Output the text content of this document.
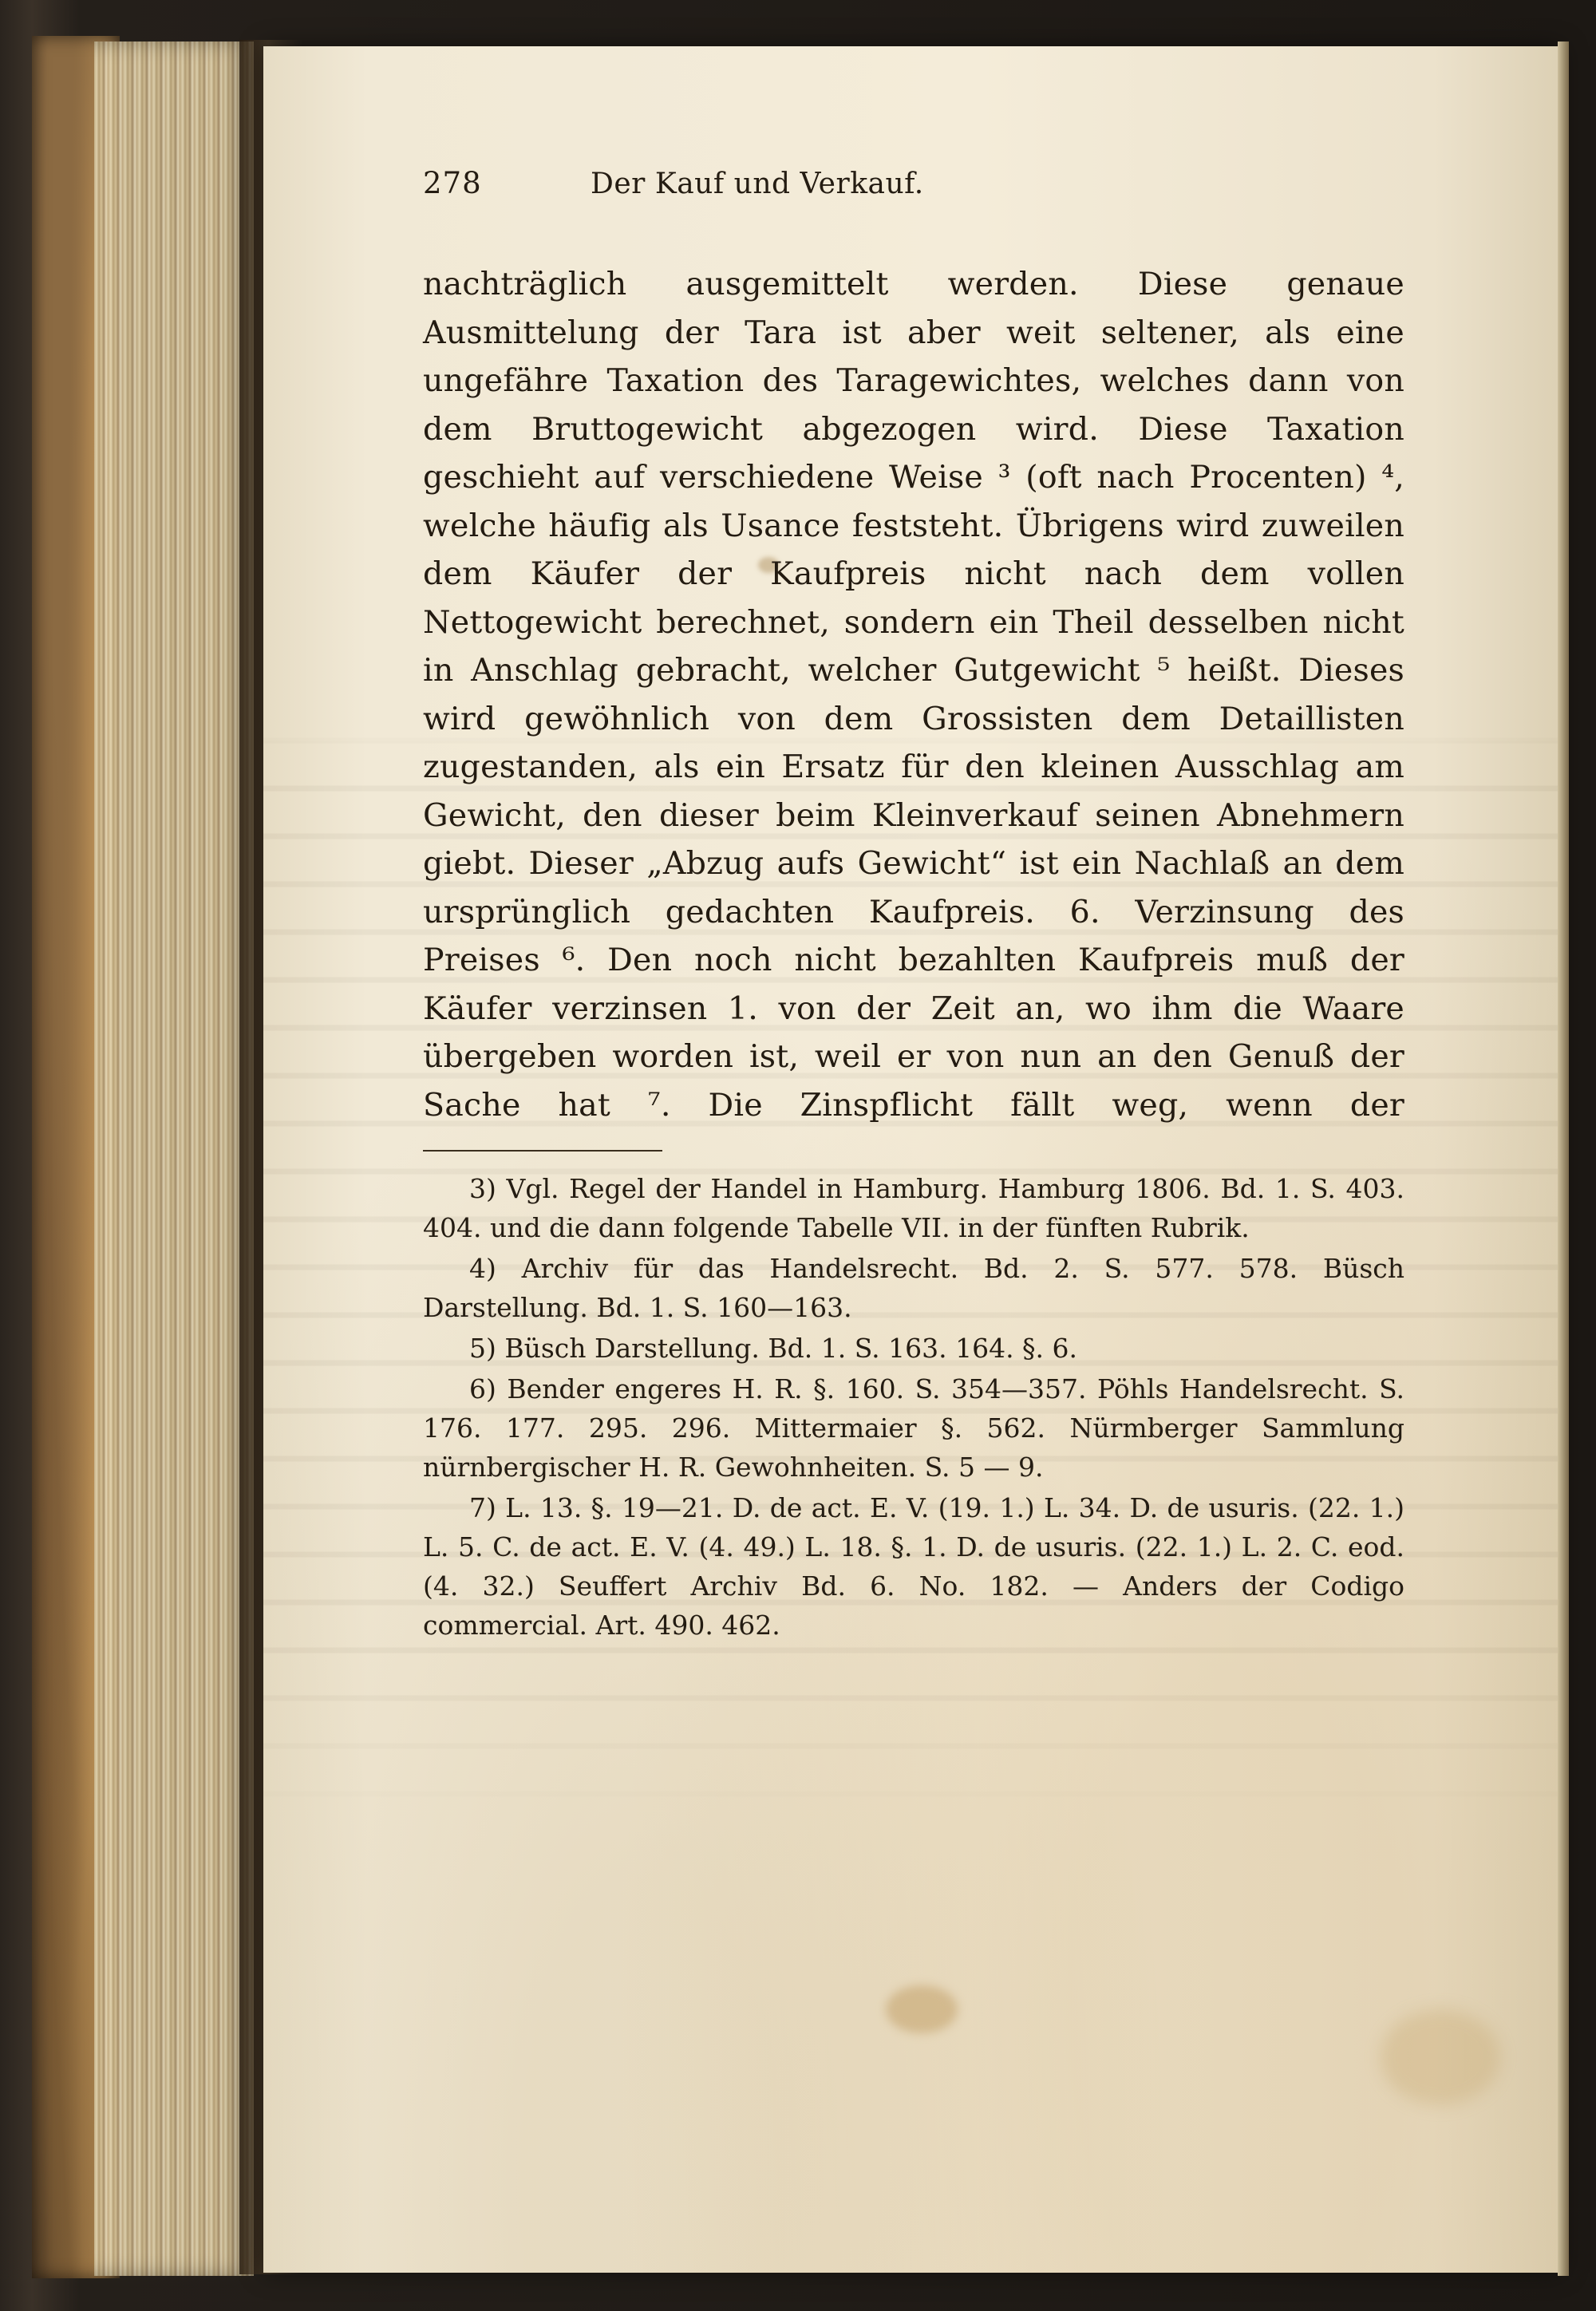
278	Der Kauf und Verkauf.
nachträglich ausgemittelt werden. Diese genaue Ausmittelung der Tara ist aber weit seltener, als eine ungefähre Taxation des Taragewichtes, welches dann von dem Bruttogewicht abgezogen wird. Diese Taxation geschieht auf verschiedene Weise ³ (oft nach Procenten) ⁴, welche häufig als Usance feststeht. Übrigens wird zuweilen dem Käufer der Kaufpreis nicht nach dem vollen Nettogewicht berechnet, sondern ein Theil desselben nicht in Anschlag gebracht, welcher Gutgewicht ⁵ heißt. Dieses wird gewöhnlich von dem Grossisten dem Detaillisten zugestanden, als ein Ersatz für den kleinen Ausschlag am Gewicht, den dieser beim Kleinverkauf seinen Abnehmern giebt. Dieser „Abzug aufs Gewicht“ ist ein Nachlaß an dem ursprünglich gedachten Kaufpreis. 6. Verzinsung des Preises ⁶. Den noch nicht bezahlten Kaufpreis muß der Käufer verzinsen 1. von der Zeit an, wo ihm die Waare übergeben worden ist, weil er von nun an den Genuß der Sache hat ⁷. Die Zinspflicht fällt weg, wenn der

3) Vgl. Regel der Handel in Hamburg. Hamburg 1806. Bd. 1. S. 403. 404. und die dann folgende Tabelle VII. in der fünften Rubrik.

4) Archiv für das Handelsrecht. Bd. 2. S. 577. 578. Büsch Darstellung. Bd. 1. S. 160—163.

5) Büsch Darstellung. Bd. 1. S. 163. 164. §. 6.

6) Bender engeres H. R. §. 160. S. 354—357. Pöhls Handelsrecht. S. 176. 177. 295. 296. Mittermaier §. 562. Nürmberger Sammlung nürnbergischer H. R. Gewohnheiten. S. 5 — 9.

7) L. 13. §. 19—21. D. de act. E. V. (19. 1.) L. 34. D. de usuris. (22. 1.) L. 5. C. de act. E. V. (4. 49.) L. 18. §. 1. D. de usuris. (22. 1.) L. 2. C. eod. (4. 32.) Seuffert Archiv Bd. 6. No. 182. — Anders der Codigo commercial. Art. 490. 462.
